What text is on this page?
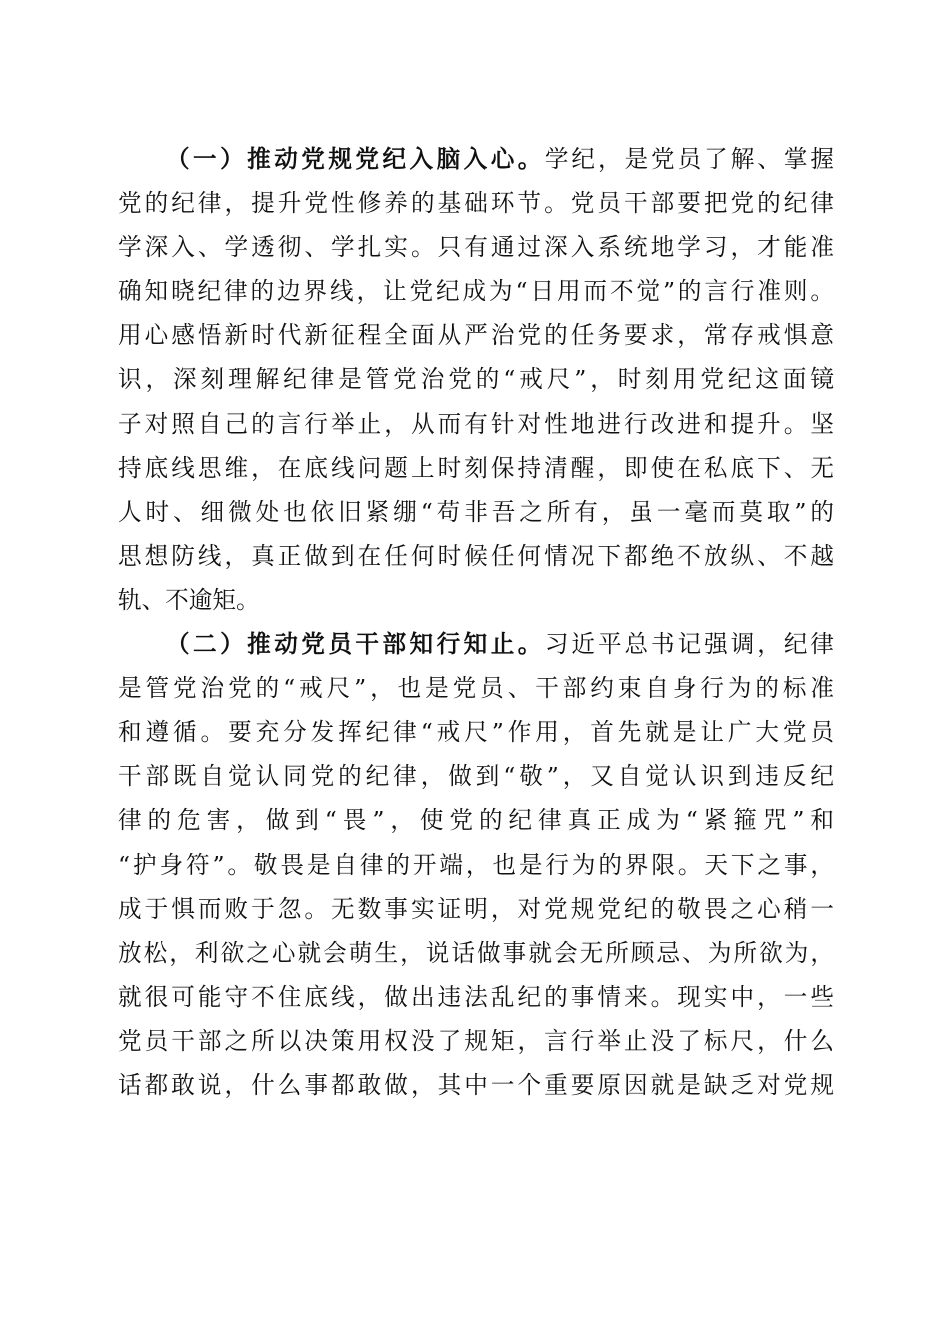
（一）推动党规党纪入脑入心。学纪，是党员了解、掌握
党的纪律，提升党性修养的基础环节。党员干部要把党的纪律
学深入、学透彻、学扎实。只有通过深入系统地学习，才能准
确知晓纪律的边界线，让党纪成为“日用而不觉”的言行准则。
用心感悟新时代新征程全面从严治党的任务要求，常存戒惧意
识，深刻理解纪律是管党治党的“戒尺”，时刻用党纪这面镜
子对照自己的言行举止，从而有针对性地进行改进和提升。坚
持底线思维，在底线问题上时刻保持清醒，即使在私底下、无
人时、细微处也依旧紧绷“苟非吾之所有，虽一毫而莫取”的
思想防线，真正做到在任何时候任何情况下都绝不放纵、不越
轨、不逾矩。
（二）推动党员干部知行知止。习近平总书记强调，纪律
是管党治党的“戒尺”，也是党员、干部约束自身行为的标准
和遵循。要充分发挥纪律“戒尺”作用，首先就是让广大党员
干部既自觉认同党的纪律，做到“敬”，又自觉认识到违反纪
律的危害，做到“畏”，使党的纪律真正成为“紧箍咒”和
“护身符”。敬畏是自律的开端，也是行为的界限。天下之事，
成于惧而败于忽。无数事实证明，对党规党纪的敬畏之心稍一
放松，利欲之心就会萌生，说话做事就会无所顾忌、为所欲为，
就很可能守不住底线，做出违法乱纪的事情来。现实中，一些
党员干部之所以决策用权没了规矩，言行举止没了标尺，什么
话都敢说，什么事都敢做，其中一个重要原因就是缺乏对党规
